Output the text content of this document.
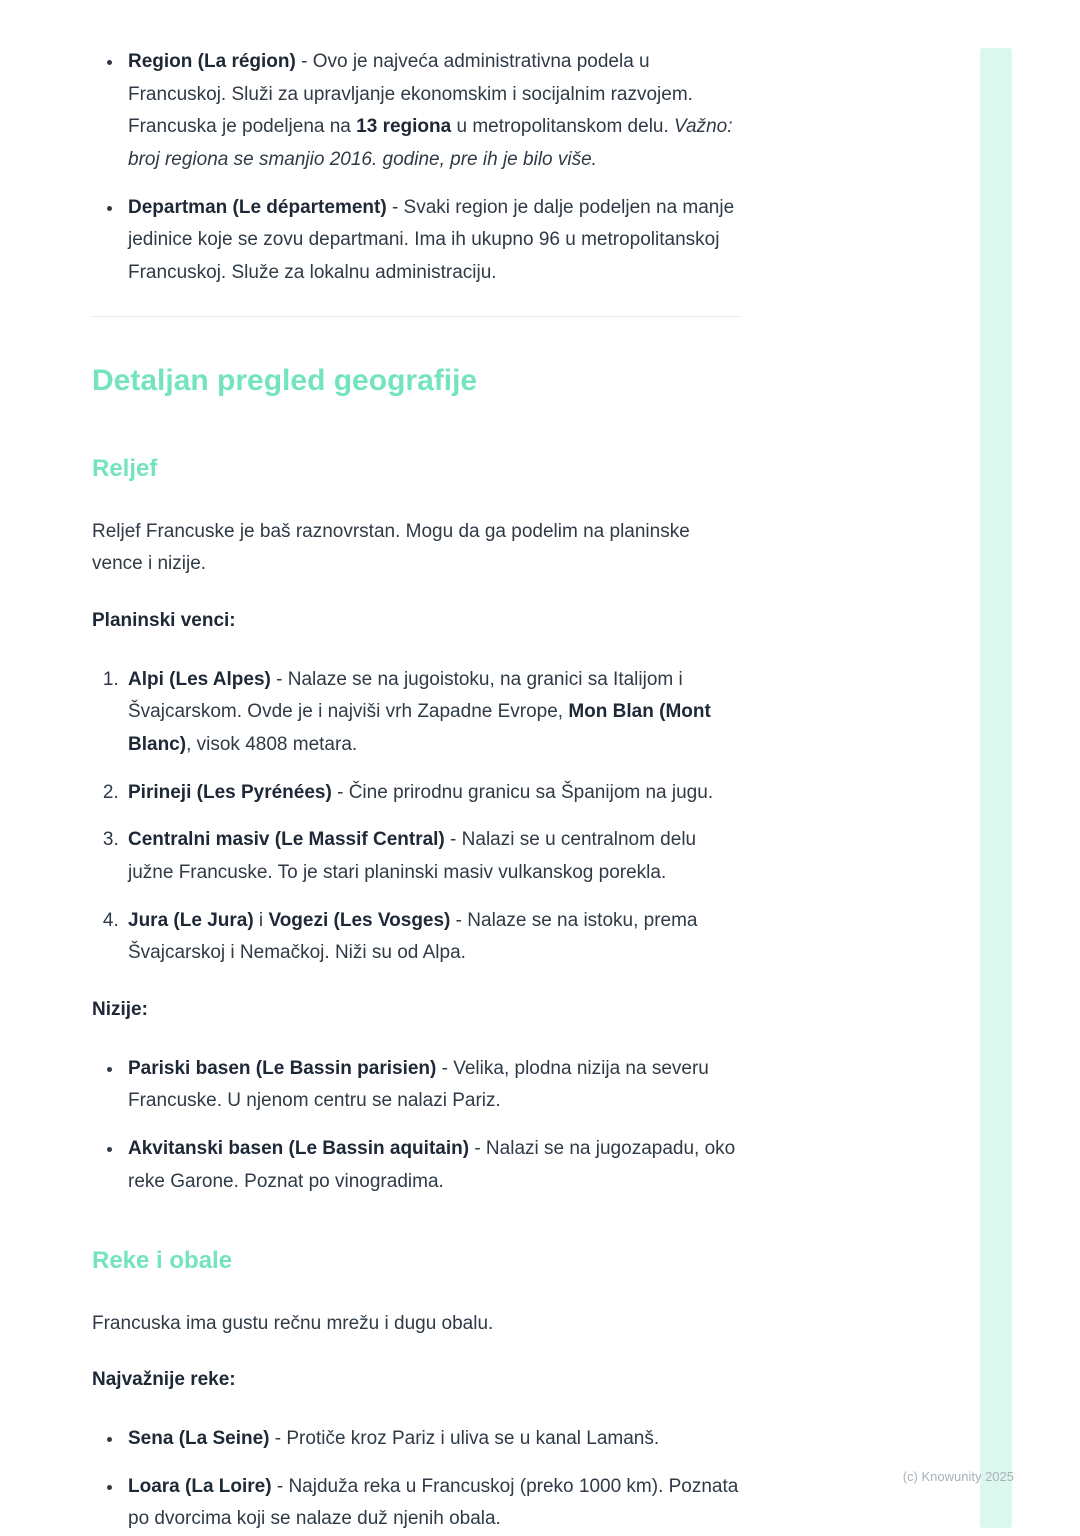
• Region (La région) - Ovo je najveća administrativna podela u Francuskoj. Služi za upravljanje ekonomskim i socijalnim razvojem. Francuska je podeljena na 13 regiona u metropolitanskom delu. Važno: broj regiona se smanjio 2016. godine, pre ih je bilo više.
• Departman (Le département) - Svaki region je dalje podeljen na manje jedinice koje se zovu departmani. Ima ih ukupno 96 u metropolitanskoj Francuskoj. Služe za lokalnu administraciju.
Detaljan pregled geografije
Reljef

Reljef Francuske je baš raznovrstan. Mogu da ga podelim na planinske vence i nizije.

Planinski venci:
1. Alpi (Les Alpes) - Nalaze se na jugoistoku, na granici sa Italijom i Švajcarskom. Ovde je i najviši vrh Zapadne Evrope, Mon Blan (Mont Blanc), visok 4808 metara.
2. Pirineji (Les Pyrénées) - Čine prirodnu granicu sa Španijom na jugu.
3. Centralni masiv (Le Massif Central) - Nalazi se u centralnom delu južne Francuske. To je stari planinski masiv vulkanskog porekla.
4. Jura (Le Jura) i Vogezi (Les Vosges) - Nalaze se na istoku, prema Švajcarskoj i Nemačkoj. Niži su od Alpa.
Nizije:
• Pariski basen (Le Bassin parisien) - Velika, plodna nizija na severu Francuske. U njenom centru se nalazi Pariz.
• Akvitanski basen (Le Bassin aquitain) - Nalazi se na jugozapadu, oko reke Garone. Poznat po vinogradima.
Reke i obale

Francuska ima gustu rečnu mrežu i dugu obalu.

Najvažnije reke:
• Sena (La Seine) - Protiče kroz Pariz i uliva se u kanal Lamanš.
• Loara (La Loire) - Najduža reka u Francuskoj (preko 1000 km). Poznata po dvorcima koji se nalaze duž njenih obala.
(c) Knowunity 2025
